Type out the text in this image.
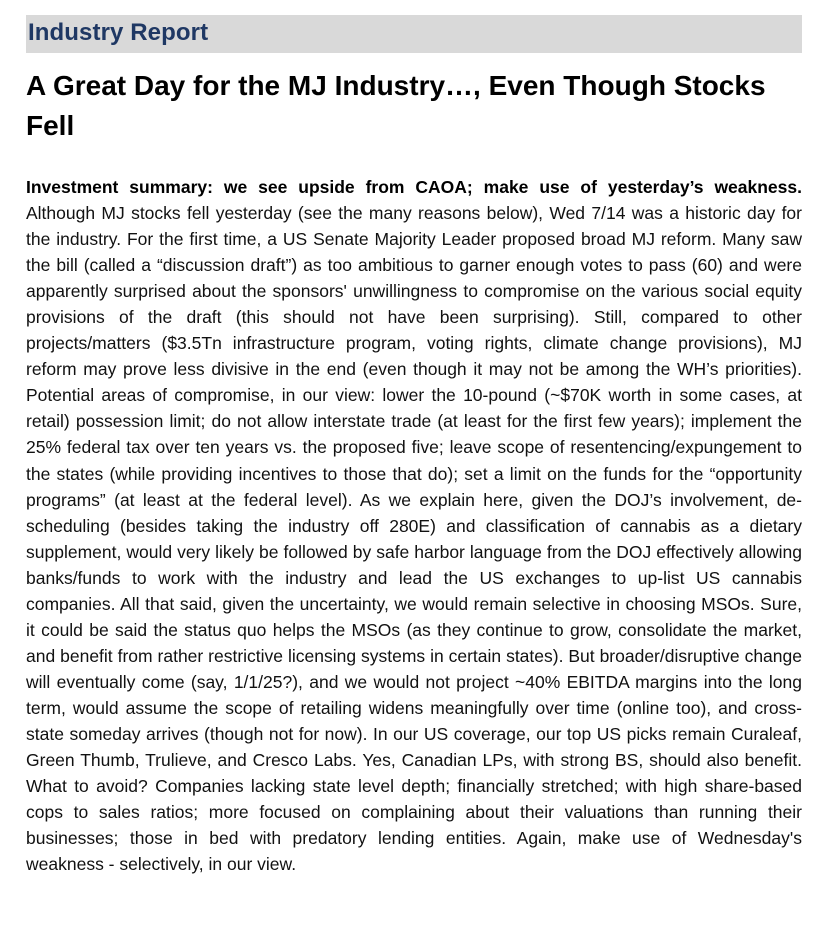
Industry Report
A Great Day for the MJ Industry…, Even Though Stocks Fell

Investment summary: we see upside from CAOA; make use of yesterday’s weakness. Although MJ stocks fell yesterday (see the many reasons below), Wed 7/14 was a historic day for the industry. For the first time, a US Senate Majority Leader proposed broad MJ reform. Many saw the bill (called a “discussion draft”) as too ambitious to garner enough votes to pass (60) and were apparently surprised about the sponsors' unwillingness to compromise on the various social equity provisions of the draft (this should not have been surprising). Still, compared to other projects/matters ($3.5Tn infrastructure program, voting rights, climate change provisions), MJ reform may prove less divisive in the end (even though it may not be among the WH’s priorities). Potential areas of compromise, in our view: lower the 10-pound (~$70K worth in some cases, at retail) possession limit; do not allow interstate trade (at least for the first few years); implement the 25% federal tax over ten years vs. the proposed five; leave scope of resentencing/expungement to the states (while providing incentives to those that do); set a limit on the funds for the “opportunity programs” (at least at the federal level). As we explain here, given the DOJ’s involvement, de-scheduling (besides taking the industry off 280E) and classification of cannabis as a dietary supplement, would very likely be followed by safe harbor language from the DOJ effectively allowing banks/funds to work with the industry and lead the US exchanges to up-list US cannabis companies. All that said, given the uncertainty, we would remain selective in choosing MSOs. Sure, it could be said the status quo helps the MSOs (as they continue to grow, consolidate the market, and benefit from rather restrictive licensing systems in certain states). But broader/disruptive change will eventually come (say, 1/1/25?), and we would not project ~40% EBITDA margins into the long term, would assume the scope of retailing widens meaningfully over time (online too), and cross-state someday arrives (though not for now). In our US coverage, our top US picks remain Curaleaf, Green Thumb, Trulieve, and Cresco Labs. Yes, Canadian LPs, with strong BS, should also benefit. What to avoid? Companies lacking state level depth; financially stretched; with high share-based cops to sales ratios; more focused on complaining about their valuations than running their businesses; those in bed with predatory lending entities. Again, make use of Wednesday's weakness - selectively, in our view.
